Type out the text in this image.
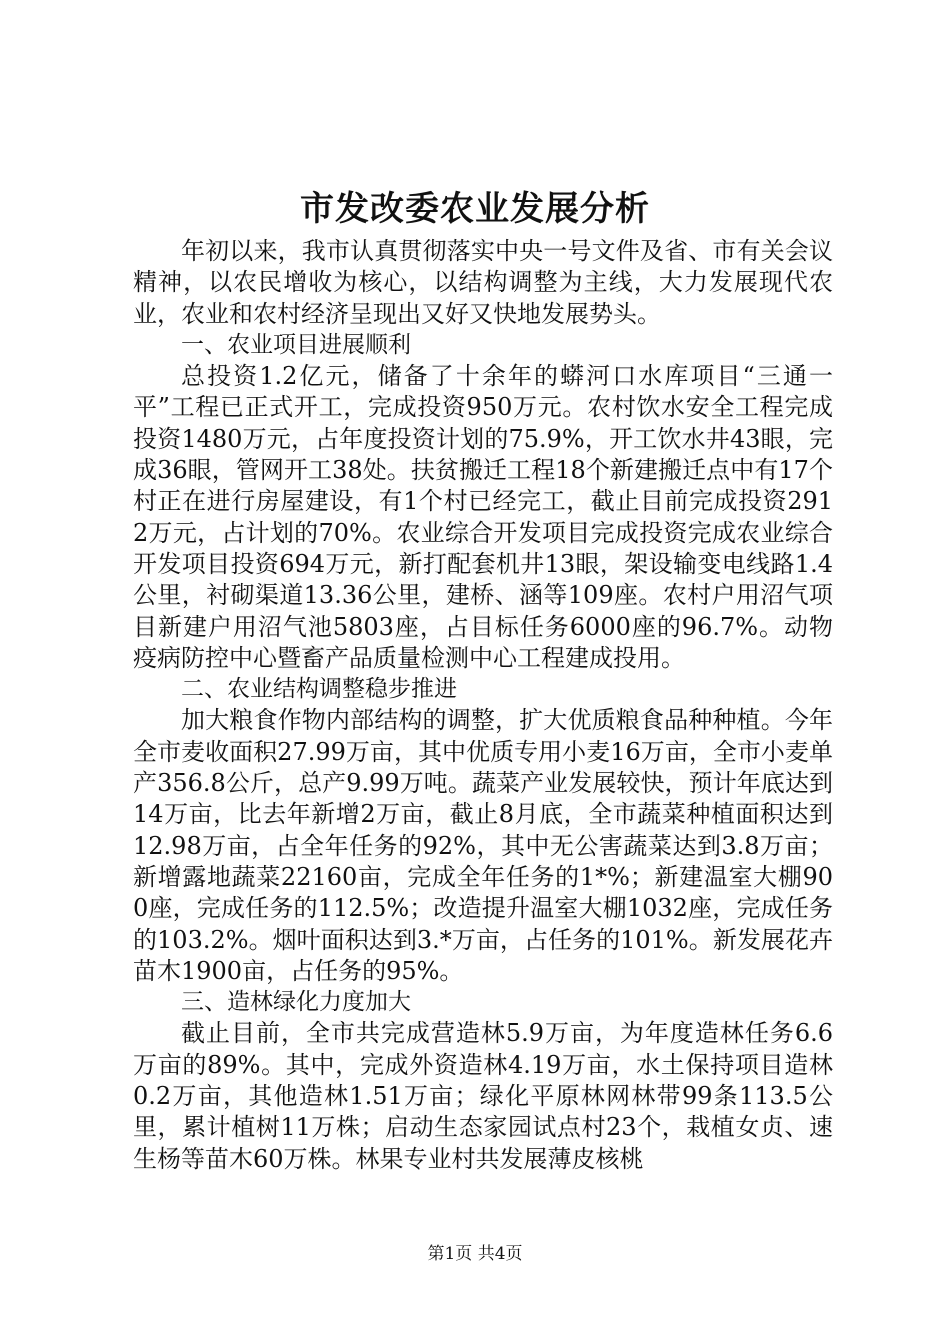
市发改委农业发展分析

年初以来，我市认真贯彻落实中央一号文件及省、市有关会议精神，以农民增收为核心，以结构调整为主线，大力发展现代农业，农业和农村经济呈现出又好又快地发展势头。

一、农业项目进展顺利

总投资1.2亿元，储备了十余年的蟒河口水库项目“三通一平”工程已正式开工，完成投资950万元。农村饮水安全工程完成投资1480万元，占年度投资计划的75.9%，开工饮水井43眼，完成36眼，管网开工38处。扶贫搬迁工程18个新建搬迁点中有17个村正在进行房屋建设，有1个村已经完工，截止目前完成投资2912万元，占计划的70%。农业综合开发项目完成投资完成农业综合开发项目投资694万元，新打配套机井13眼，架设输变电线路1.4公里，衬砌渠道13.36公里，建桥、涵等109座。农村户用沼气项目新建户用沼气池5803座，占目标任务6000座的96.7%。动物疫病防控中心暨畜产品质量检测中心工程建成投用。

二、农业结构调整稳步推进

加大粮食作物内部结构的调整，扩大优质粮食品种种植。今年全市麦收面积27.99万亩，其中优质专用小麦16万亩，全市小麦单产356.8公斤，总产9.99万吨。蔬菜产业发展较快，预计年底达到14万亩，比去年新增2万亩，截止8月底，全市蔬菜种植面积达到12.98万亩，占全年任务的92%，其中无公害蔬菜达到3.8万亩；新增露地蔬菜22160亩，完成全年任务的1*%；新建温室大棚900座，完成任务的112.5%；改造提升温室大棚1032座，完成任务的103.2%。烟叶面积达到3.*万亩，占任务的101%。新发展花卉苗木1900亩，占任务的95%。

三、造林绿化力度加大

截止目前，全市共完成营造林5.9万亩，为年度造林任务6.6万亩的89%。其中，完成外资造林4.19万亩，水土保持项目造林0.2万亩，其他造林1.51万亩；绿化平原林网林带99条113.5公里，累计植树11万株；启动生态家园试点村23个，栽植女贞、速生杨等苗木60万株。林果专业村共发展薄皮核桃

第1页 共4页
